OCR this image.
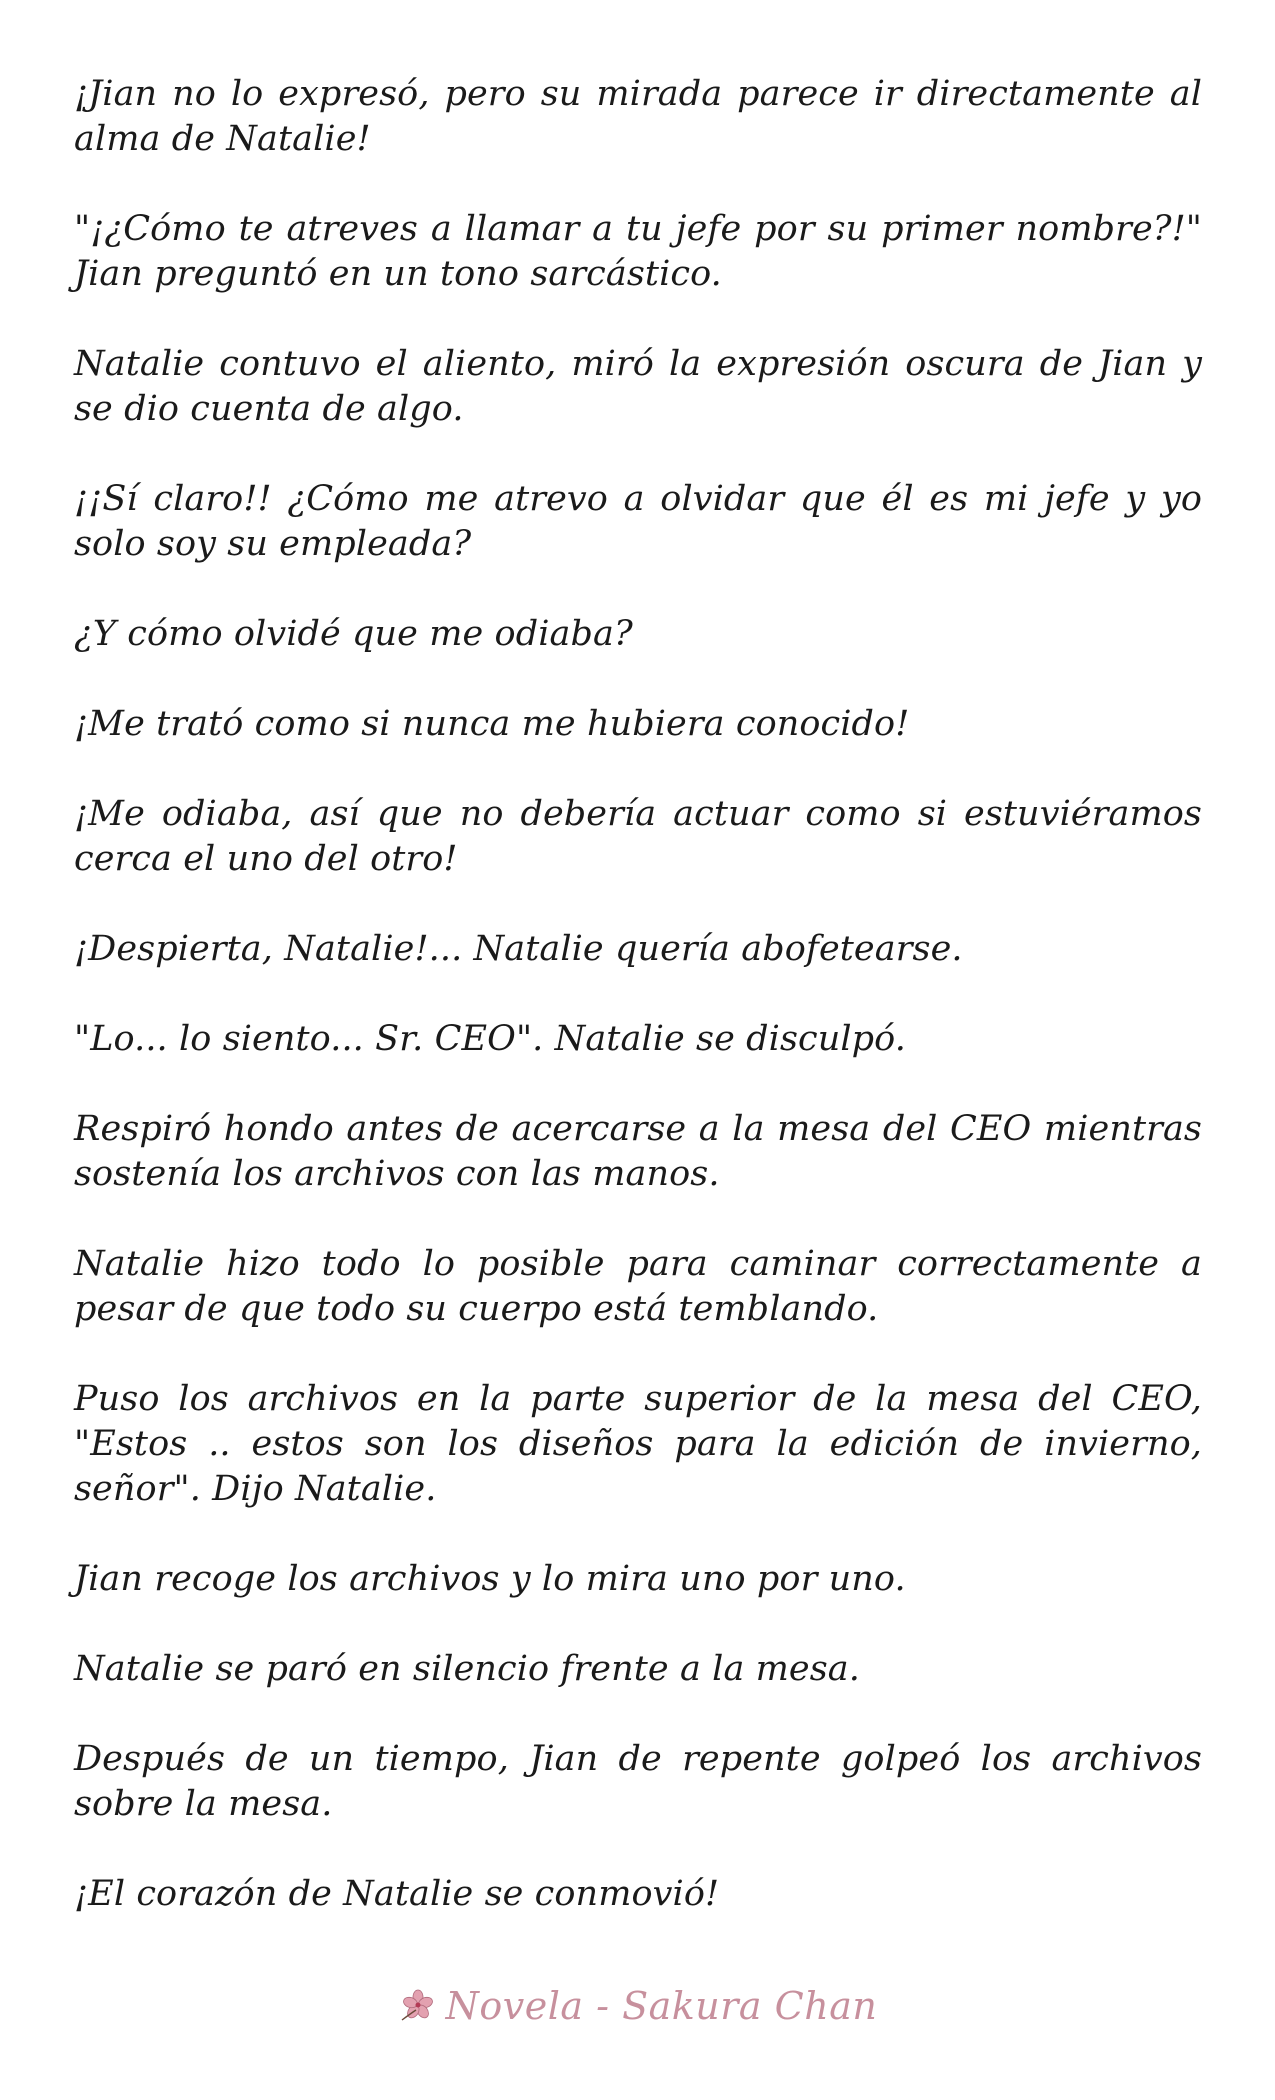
¡Jian no lo expresó, pero su mirada parece ir directamente al alma de Natalie!

"¡¿Cómo te atreves a llamar a tu jefe por su primer nombre?!" Jian preguntó en un tono sarcástico.

Natalie contuvo el aliento, miró la expresión oscura de Jian y se dio cuenta de algo.

¡¡Sí claro!! ¿Cómo me atrevo a olvidar que él es mi jefe y yo solo soy su empleada?

¿Y cómo olvidé que me odiaba?

¡Me trató como si nunca me hubiera conocido!

¡Me odiaba, así que no debería actuar como si estuviéramos cerca el uno del otro!

¡Despierta, Natalie!... Natalie quería abofetearse.

"Lo... lo siento... Sr. CEO". Natalie se disculpó.

Respiró hondo antes de acercarse a la mesa del CEO mientras sostenía los archivos con las manos.

Natalie hizo todo lo posible para caminar correctamente a pesar de que todo su cuerpo está temblando.

Puso los archivos en la parte superior de la mesa del CEO, "Estos .. estos son los diseños para la edición de invierno, señor". Dijo Natalie.

Jian recoge los archivos y lo mira uno por uno.

Natalie se paró en silencio frente a la mesa.

Después de un tiempo, Jian de repente golpeó los archivos sobre la mesa.

¡El corazón de Natalie se conmovió!

Novela - Sakura Chan
